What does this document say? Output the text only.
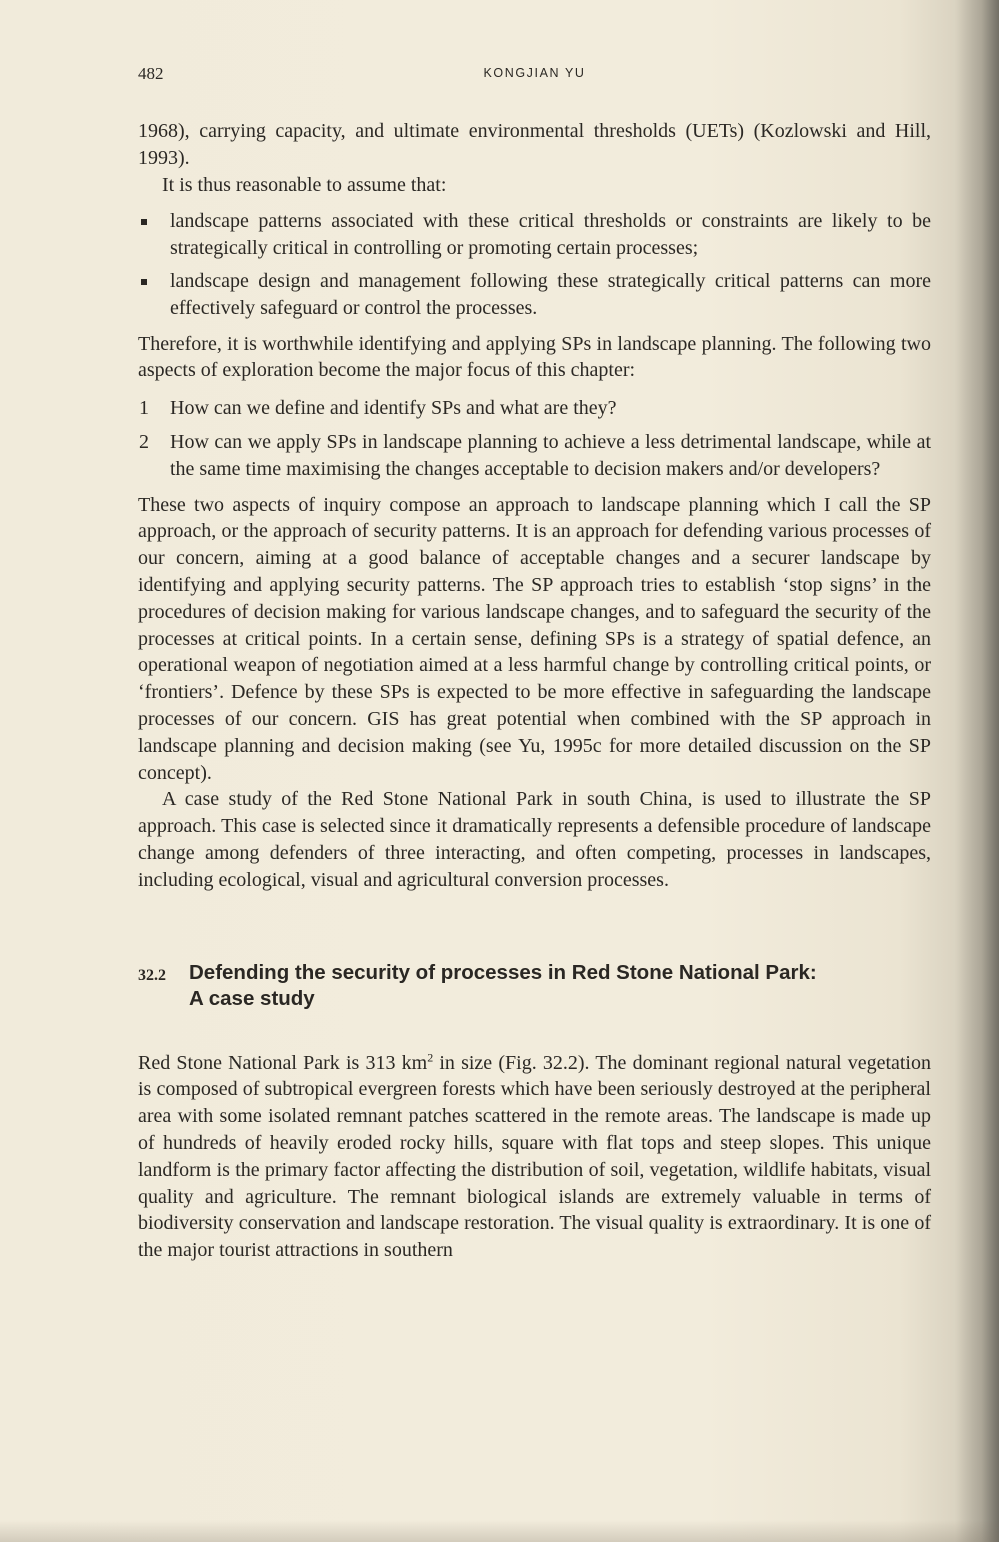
482	KONGJIAN YU

1968), carrying capacity, and ultimate environmental thresholds (UETs) (Kozlowski and Hill, 1993).

It is thus reasonable to assume that:

landscape patterns associated with these critical thresholds or constraints are likely to be strategically critical in controlling or promoting certain processes;
landscape design and management following these strategically critical patterns can more effectively safeguard or control the processes.

Therefore, it is worthwhile identifying and applying SPs in landscape planning. The following two aspects of exploration become the major focus of this chapter:

1 How can we define and identify SPs and what are they?
2 How can we apply SPs in landscape planning to achieve a less detrimental landscape, while at the same time maximising the changes acceptable to decision makers and/or developers?

These two aspects of inquiry compose an approach to landscape planning which I call the SP approach, or the approach of security patterns. It is an approach for defending various processes of our concern, aiming at a good balance of acceptable changes and a securer landscape by identifying and applying security patterns. The SP approach tries to establish ‘stop signs’ in the procedures of decision making for various landscape changes, and to safeguard the security of the processes at critical points. In a certain sense, defining SPs is a strategy of spatial defence, an operational weapon of negotiation aimed at a less harmful change by controlling critical points, or ‘frontiers’. Defence by these SPs is expected to be more effective in safeguarding the landscape processes of our concern. GIS has great potential when combined with the SP approach in landscape planning and decision making (see Yu, 1995c for more detailed discussion on the SP concept).

A case study of the Red Stone National Park in south China, is used to illustrate the SP approach. This case is selected since it dramatically represents a defensible procedure of landscape change among defenders of three interacting, and often competing, processes in landscapes, including ecological, visual and agricultural conversion processes.

32.2 Defending the security of processes in Red Stone National Park:
A case study

Red Stone National Park is 313 $km^2$ in size (Fig. 32.2). The dominant regional natural vegetation is composed of subtropical evergreen forests which have been seriously destroyed at the peripheral area with some isolated remnant patches scattered in the remote areas. The landscape is made up of hundreds of heavily eroded rocky hills, square with flat tops and steep slopes. This unique landform is the primary factor affecting the distribution of soil, vegetation, wildlife habitats, visual quality and agriculture. The remnant biological islands are extremely valuable in terms of biodiversity conservation and landscape restoration. The visual quality is extraordinary. It is one of the major tourist attractions in southern
